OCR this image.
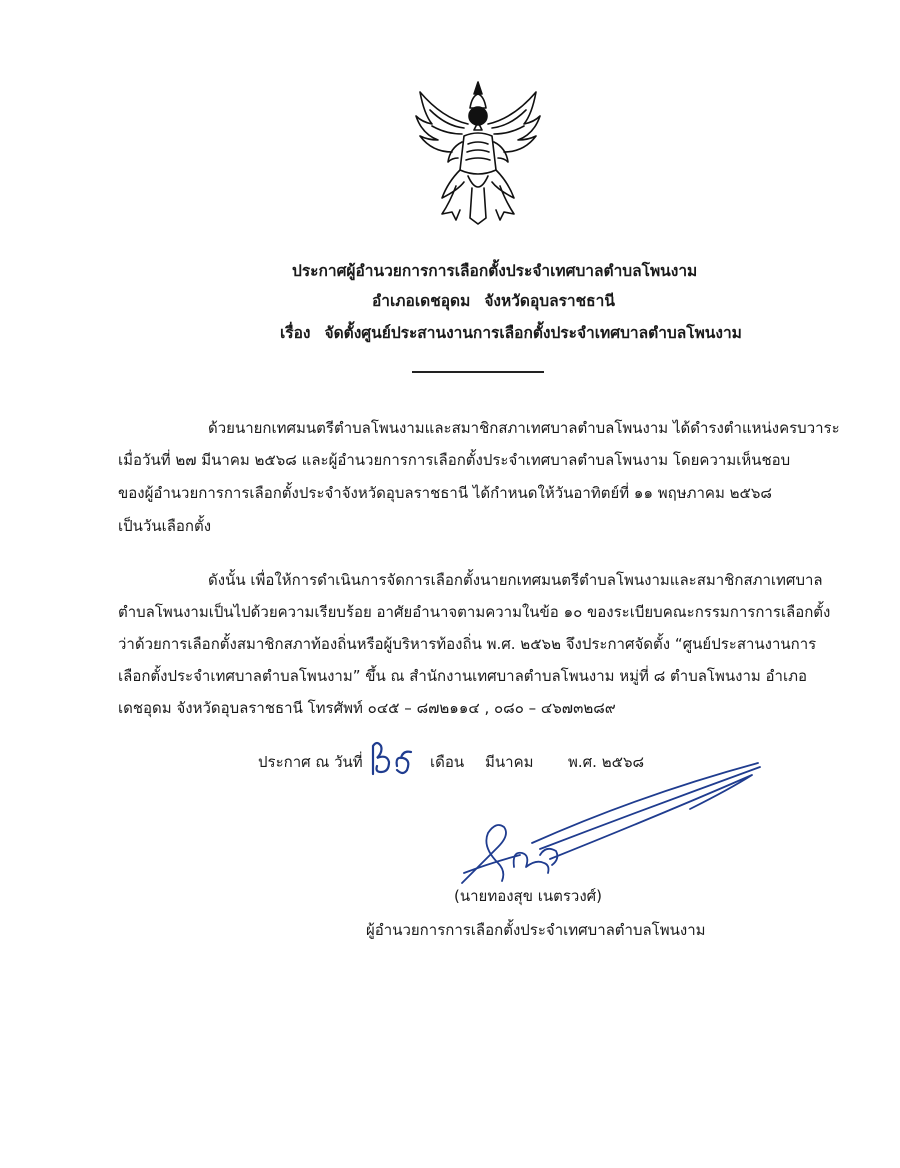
ประกาศผู้อำนวยการการเลือกตั้งประจำเทศบาลตำบลโพนงาม
อำเภอเดชอุดม จังหวัดอุบลราชธานี
เรื่อง จัดตั้งศูนย์ประสานงานการเลือกตั้งประจำเทศบาลตำบลโพนงาม
ด้วยนายกเทศมนตรีตำบลโพนงามและสมาชิกสภาเทศบาลตำบลโพนงาม ได้ดำรงตำแหน่งครบวาระ
เมื่อวันที่ ๒๗ มีนาคม ๒๕๖๘ และผู้อำนวยการการเลือกตั้งประจำเทศบาลตำบลโพนงาม โดยความเห็นชอบ
ของผู้อำนวยการการเลือกตั้งประจำจังหวัดอุบลราชธานี ได้กำหนดให้วันอาทิตย์ที่ ๑๑ พฤษภาคม ๒๕๖๘
เป็นวันเลือกตั้ง
ดังนั้น เพื่อให้การดำเนินการจัดการเลือกตั้งนายกเทศมนตรีตำบลโพนงามและสมาชิกสภาเทศบาล
ตำบลโพนงามเป็นไปด้วยความเรียบร้อย อาศัยอำนาจตามความในข้อ ๑๐ ของระเบียบคณะกรรมการการเลือกตั้ง
ว่าด้วยการเลือกตั้งสมาชิกสภาท้องถิ่นหรือผู้บริหารท้องถิ่น พ.ศ. ๒๕๖๒ จึงประกาศจัดตั้ง “ศูนย์ประสานงานการ
เลือกตั้งประจำเทศบาลตำบลโพนงาม” ขึ้น ณ สำนักงานเทศบาลตำบลโพนงาม หมู่ที่ ๘ ตำบลโพนงาม อำเภอ
เดชอุดม จังหวัดอุบลราชธานี โทรศัพท์ ๐๔๕ – ๘๗๒๑๑๔ , ๐๘๐ – ๔๖๗๓๒๘๙
ประกาศ ณ วันที่	เดือน มีนาคม พ.ศ. ๒๕๖๘
(นายทองสุข เนตรวงศ์)
ผู้อำนวยการการเลือกตั้งประจำเทศบาลตำบลโพนงาม
